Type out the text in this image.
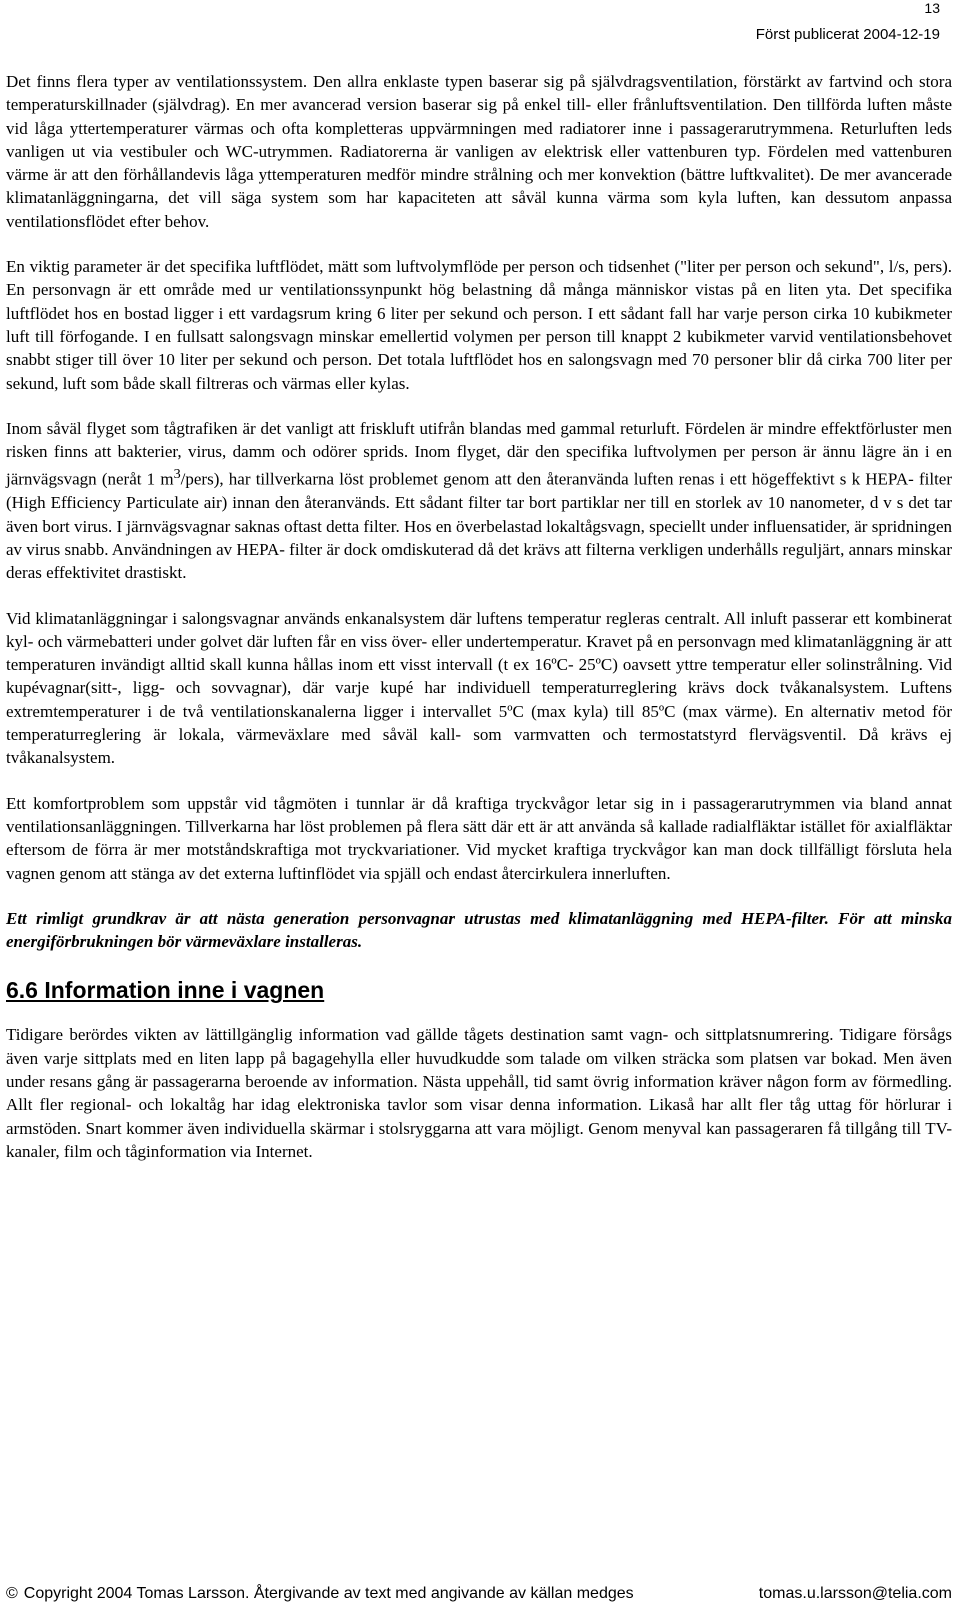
13
Först publicerat 2004-12-19

Det finns flera typer av ventilationssystem. Den allra enklaste typen baserar sig på självdragsventilation, förstärkt av fartvind och stora temperaturskillnader (självdrag). En mer avancerad version baserar sig på enkel till- eller frånluftsventilation. Den tillförda luften måste vid låga yttertemperaturer värmas och ofta kompletteras uppvärmningen med radiatorer inne i passagerarutrymmena. Returluften leds vanligen ut via vestibuler och WC-utrymmen. Radiatorerna är vanligen av elektrisk eller vattenburen typ. Fördelen med vattenburen värme är att den förhållandevis låga yttemperaturen medför mindre strålning och mer konvektion (bättre luftkvalitet). De mer avancerade klimatanläggningarna, det vill säga system som har kapaciteten att såväl kunna värma som kyla luften, kan dessutom anpassa ventilationsflödet efter behov.

En viktig parameter är det specifika luftflödet, mätt som luftvolymflöde per person och tidsenhet ("liter per person och sekund", l/s, pers). En personvagn är ett område med ur ventilationssynpunkt hög belastning då många människor vistas på en liten yta. Det specifika luftflödet hos en bostad ligger i ett vardagsrum kring 6 liter per sekund och person. I ett sådant fall har varje person cirka 10 kubikmeter luft till förfogande. I en fullsatt salongsvagn minskar emellertid volymen per person till knappt 2 kubikmeter varvid ventilationsbehovet snabbt stiger till över 10 liter per sekund och person. Det totala luftflödet hos en salongsvagn med 70 personer blir då cirka 700 liter per sekund, luft som både skall filtreras och värmas eller kylas.

Inom såväl flyget som tågtrafiken är det vanligt att friskluft utifrån blandas med gammal returluft. Fördelen är mindre effektförluster men risken finns att bakterier, virus, damm och odörer sprids. Inom flyget, där den specifika luftvolymen per person är ännu lägre än i en järnvägsvagn (neråt 1 $m^3/pers$), har tillverkarna löst problemet genom att den återanvända luften renas i ett högeffektivt s k HEPA- filter (High Efficiency Particulate air) innan den återanvänds. Ett sådant filter tar bort partiklar ner till en storlek av 10 nanometer, d v s det tar även bort virus. I järnvägsvagnar saknas oftast detta filter. Hos en överbelastad lokaltågsvagn, speciellt under influensatider, är spridningen av virus snabb. Användningen av HEPA- filter är dock omdiskuterad då det krävs att filterna verkligen underhålls reguljärt, annars minskar deras effektivitet drastiskt.

Vid klimatanläggningar i salongsvagnar används enkanalsystem där luftens temperatur regleras centralt. All inluft passerar ett kombinerat kyl- och värmebatteri under golvet där luften får en viss över- eller undertemperatur. Kravet på en personvagn med klimatanläggning är att temperaturen invändigt alltid skall kunna hållas inom ett visst intervall (t ex 16ºC- 25ºC) oavsett yttre temperatur eller solinstrålning. Vid kupévagnar(sitt-, ligg- och sovvagnar), där varje kupé har individuell temperaturreglering krävs dock tvåkanalsystem. Luftens extremtemperaturer i de två ventilationskanalerna ligger i intervallet 5ºC (max kyla) till 85ºC (max värme). En alternativ metod för temperaturreglering är lokala, värmeväxlare med såväl kall- som varmvatten och termostatstyrd flervägsventil. Då krävs ej tvåkanalsystem.

Ett komfortproblem som uppstår vid tågmöten i tunnlar är då kraftiga tryckvågor letar sig in i passagerarutrymmen via bland annat ventilationsanläggningen. Tillverkarna har löst problemen på flera sätt där ett är att använda så kallade radialfläktar istället för axialfläktar eftersom de förra är mer motståndskraftiga mot tryckvariationer. Vid mycket kraftiga tryckvågor kan man dock tillfälligt försluta hela vagnen genom att stänga av det externa luftinflödet via spjäll och endast återcirkulera innerluften.

Ett rimligt grundkrav är att nästa generation personvagnar utrustas med klimatanläggning med HEPA-filter. För att minska energiförbrukningen bör värmeväxlare installeras.

6.6 Information inne i vagnen

Tidigare berördes vikten av lättillgänglig information vad gällde tågets destination samt vagn- och sittplatsnumrering. Tidigare försågs även varje sittplats med en liten lapp på bagagehylla eller huvudkudde som talade om vilken sträcka som platsen var bokad. Men även under resans gång är passagerarna beroende av information. Nästa uppehåll, tid samt övrig information kräver någon form av förmedling. Allt fler regional- och lokaltåg har idag elektroniska tavlor som visar denna information. Likaså har allt fler tåg uttag för hörlurar i armstöden. Snart kommer även individuella skärmar i stolsryggarna att vara möjligt. Genom menyval kan passageraren få tillgång till TV- kanaler, film och tåginformation via Internet.

© Copyright 2004 Tomas Larsson. Återgivande av text med angivande av källan medges	tomas.u.larsson@telia.com
